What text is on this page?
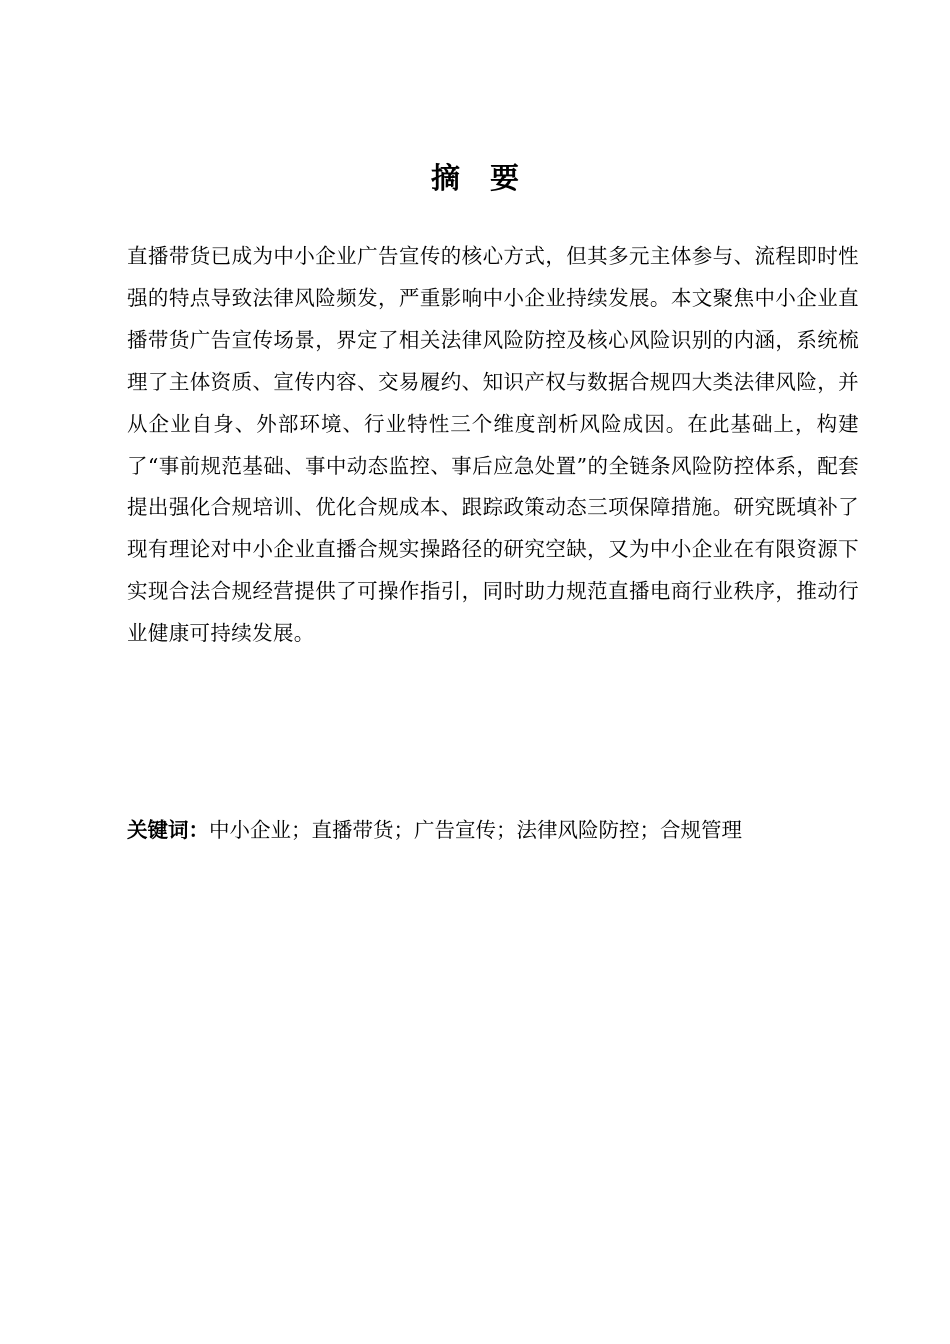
摘要

直播带货已成为中小企业广告宣传的核心方式，但其多元主体参与、流程即时性强的特点导致法律风险频发，严重影响中小企业持续发展。本文聚焦中小企业直播带货广告宣传场景，界定了相关法律风险防控及核心风险识别的内涵，系统梳理了主体资质、宣传内容、交易履约、知识产权与数据合规四大类法律风险，并从企业自身、外部环境、行业特性三个维度剖析风险成因。在此基础上，构建了“事前规范基础、事中动态监控、事后应急处置”的全链条风险防控体系，配套提出强化合规培训、优化合规成本、跟踪政策动态三项保障措施。研究既填补了现有理论对中小企业直播合规实操路径的研究空缺，又为中小企业在有限资源下实现合法合规经营提供了可操作指引，同时助力规范直播电商行业秩序，推动行业健康可持续发展。

关键词：中小企业；直播带货；广告宣传；法律风险防控；合规管理
